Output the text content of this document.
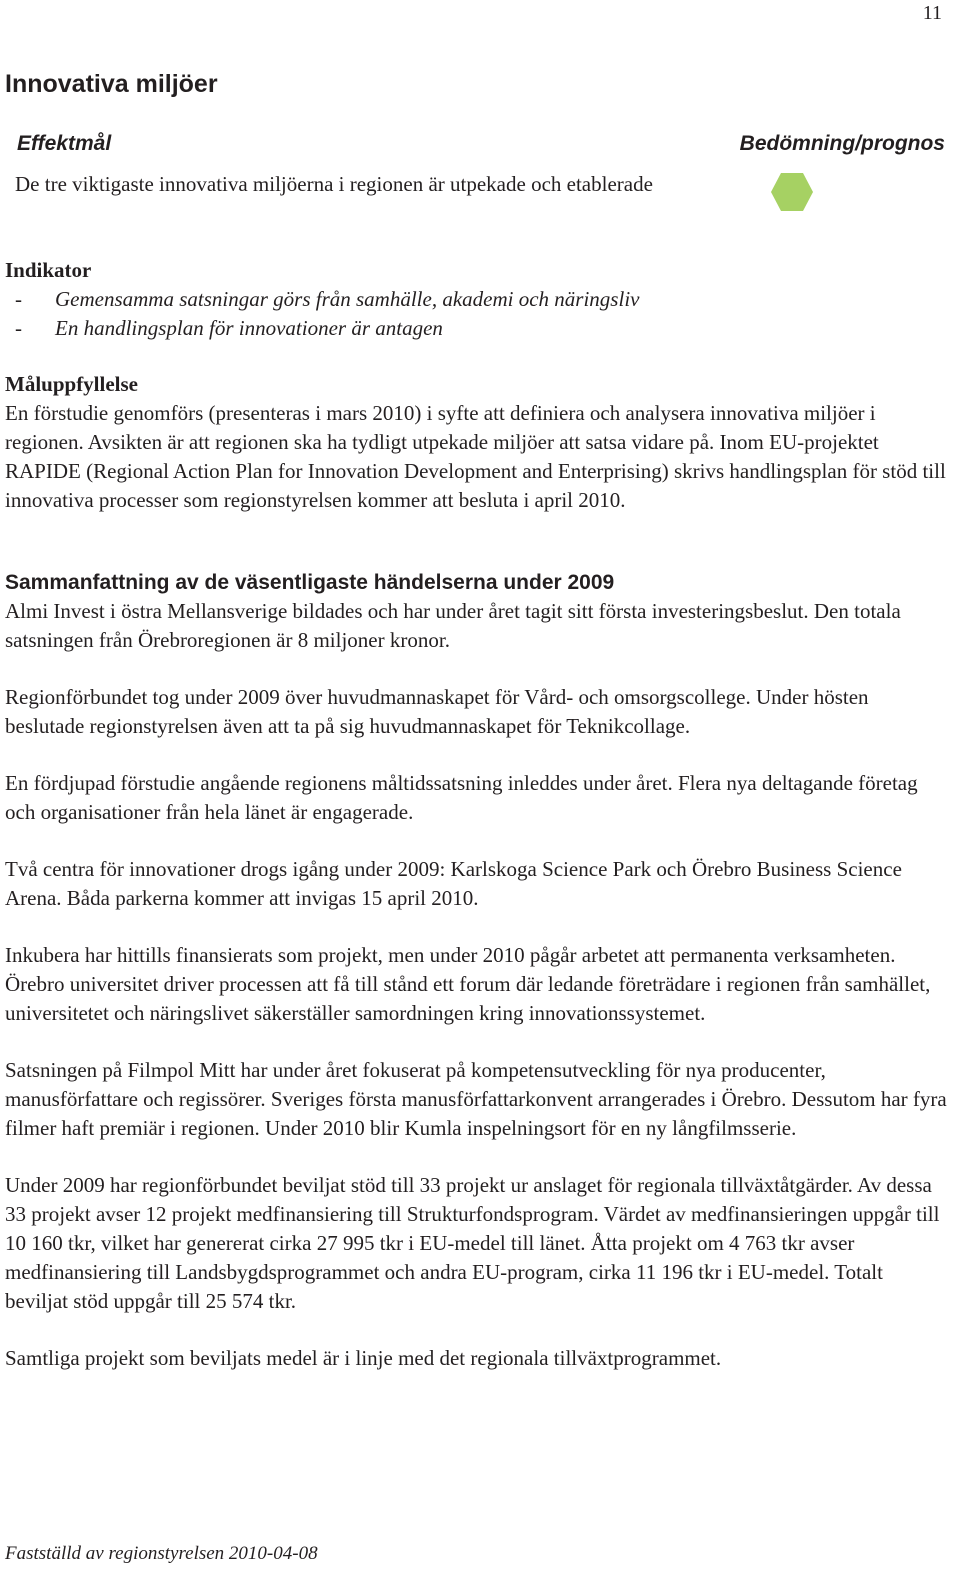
11
Innovativa miljöer
Effektmål	Bedömning/prognos

De tre viktigaste innovativa miljöerna i regionen är utpekade och etablerade

Indikator
-	Gemensamma satsningar görs från samhälle, akademi och näringsliv
-	En handlingsplan för innovationer är antagen
Måluppfyllelse

En förstudie genomförs (presenteras i mars 2010) i syfte att definiera och analysera innovativa miljöer i regionen. Avsikten är att regionen ska ha tydligt utpekade miljöer att satsa vidare på. Inom EU-projektet RAPIDE (Regional Action Plan for Innovation Development and Enterprising) skrivs handlingsplan för stöd till innovativa processer som regionstyrelsen kommer att besluta i april 2010.

Sammanfattning av de väsentligaste händelserna under 2009

Almi Invest i östra Mellansverige bildades och har under året tagit sitt första investeringsbeslut. Den totala satsningen från Örebroregionen är 8 miljoner kronor.

Regionförbundet tog under 2009 över huvudmannaskapet för Vård- och omsorgscollege. Under hösten beslutade regionstyrelsen även att ta på sig huvudmannaskapet för Teknikcollage.

En fördjupad förstudie angående regionens måltidssatsning inleddes under året. Flera nya deltagande företag och organisationer från hela länet är engagerade.

Två centra för innovationer drogs igång under 2009: Karlskoga Science Park och Örebro Business Science Arena. Båda parkerna kommer att invigas 15 april 2010.

Inkubera har hittills finansierats som projekt, men under 2010 pågår arbetet att permanenta verksamheten. Örebro universitet driver processen att få till stånd ett forum där ledande företrädare i regionen från samhället, universitetet och näringslivet säkerställer samordningen kring innovationssystemet.

Satsningen på Filmpol Mitt har under året fokuserat på kompetensutveckling för nya producenter, manusförfattare och regissörer. Sveriges första manusförfattarkonvent arrangerades i Örebro. Dessutom har fyra filmer haft premiär i regionen. Under 2010 blir Kumla inspelningsort för en ny långfilmsserie.

Under 2009 har regionförbundet beviljat stöd till 33 projekt ur anslaget för regionala tillväxtåtgärder. Av dessa 33 projekt avser 12 projekt medfinansiering till Strukturfondsprogram. Värdet av medfinansieringen uppgår till 10 160 tkr, vilket har genererat cirka 27 995 tkr i EU-medel till länet. Åtta projekt om 4 763 tkr avser medfinansiering till Landsbygdsprogrammet och andra EU-program, cirka 11 196 tkr i EU-medel. Totalt beviljat stöd uppgår till 25 574 tkr.

Samtliga projekt som beviljats medel är i linje med det regionala tillväxtprogrammet.

Fastställd av regionstyrelsen 2010-04-08
